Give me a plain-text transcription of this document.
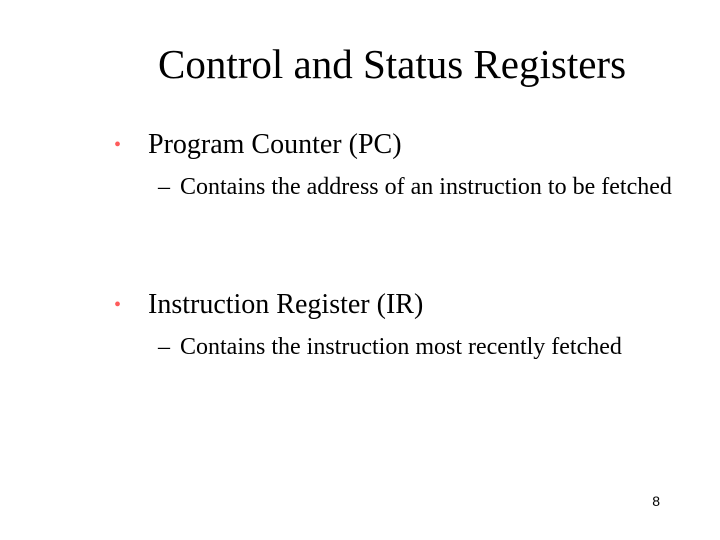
Control and Status Registers
• Program Counter (PC)
– Contains the address of an instruction to be fetched
• Instruction Register (IR)
– Contains the instruction most recently fetched
8
